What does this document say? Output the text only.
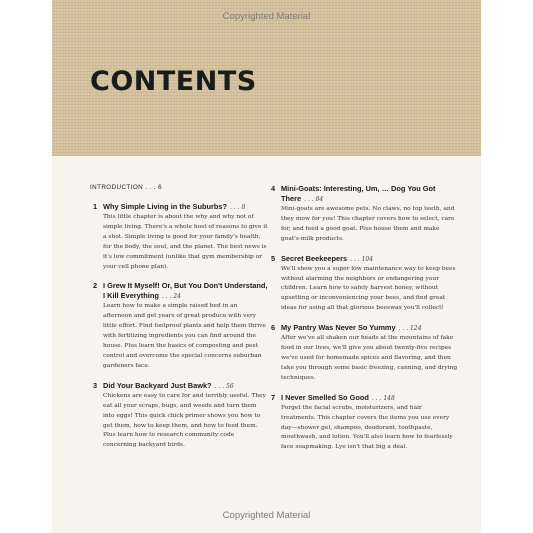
Copyrighted Material
CONTENTS

INTRODUCTION . . . 6

1 Why Simple Living in the Suburbs? . . . 8

This little chapter is about the why and why not of simple living. There's a whole host of reasons to give it a shot. Simple living is good for your family's health, for the body, the soul, and the planet. The best news is it's low commitment (unlike that gym membership or your cell phone plan).

2 I Grew It Myself! Or, But You Don't Understand, I Kill Everything . . . 24

Learn how to make a simple raised bed in an afternoon and get years of great produce with very little effort. Find foolproof plants and help them thrive with fertilizing ingredients you can find around the house. Plus learn the basics of composting and pest control and overcome the special concerns suburban gardeners face.

3 Did Your Backyard Just Bawk? . . . 56

Chickens are easy to care for and terribly useful. They eat all your scraps, bugs, and weeds and turn them into eggs! This quick chick primer shows you how to get them, how to keep them, and how to feed them. Plus learn how to research community code concerning backyard birds.

4 Mini-Goats: Interesting, Um, … Dog You Got There . . . 84

Mini-goats are awesome pets. No claws, no top teeth, and they mow for you! This chapter covers how to select, care for, and feed a good goat. Plus house them and make goat's-milk products.

5 Secret Beekeepers . . . 104

We'll show you a super low maintenance way to keep bees without alarming the neighbors or endangering your children. Learn how to safely harvest honey, without upsetting or inconveniencing your bees, and find great ideas for using all that glorious beeswax you'll collect!

6 My Pantry Was Never So Yummy . . . 124

After we've all shaken our heads at the mountains of fake food in our lives, we'll give you about twenty-five recipes we've used for homemade spices and flavoring, and then take you through some basic freezing, canning, and drying techniques.

7 I Never Smelled So Good . . . 148

Forget the facial scrubs, moisturizers, and hair treatments. This chapter covers the items you use every day—shower gel, shampoo, deodorant, toothpaste, mouthwash, and lotion. You'll also learn how to fearlessly face soapmaking. Lye isn't that big a deal.

Copyrighted Material
